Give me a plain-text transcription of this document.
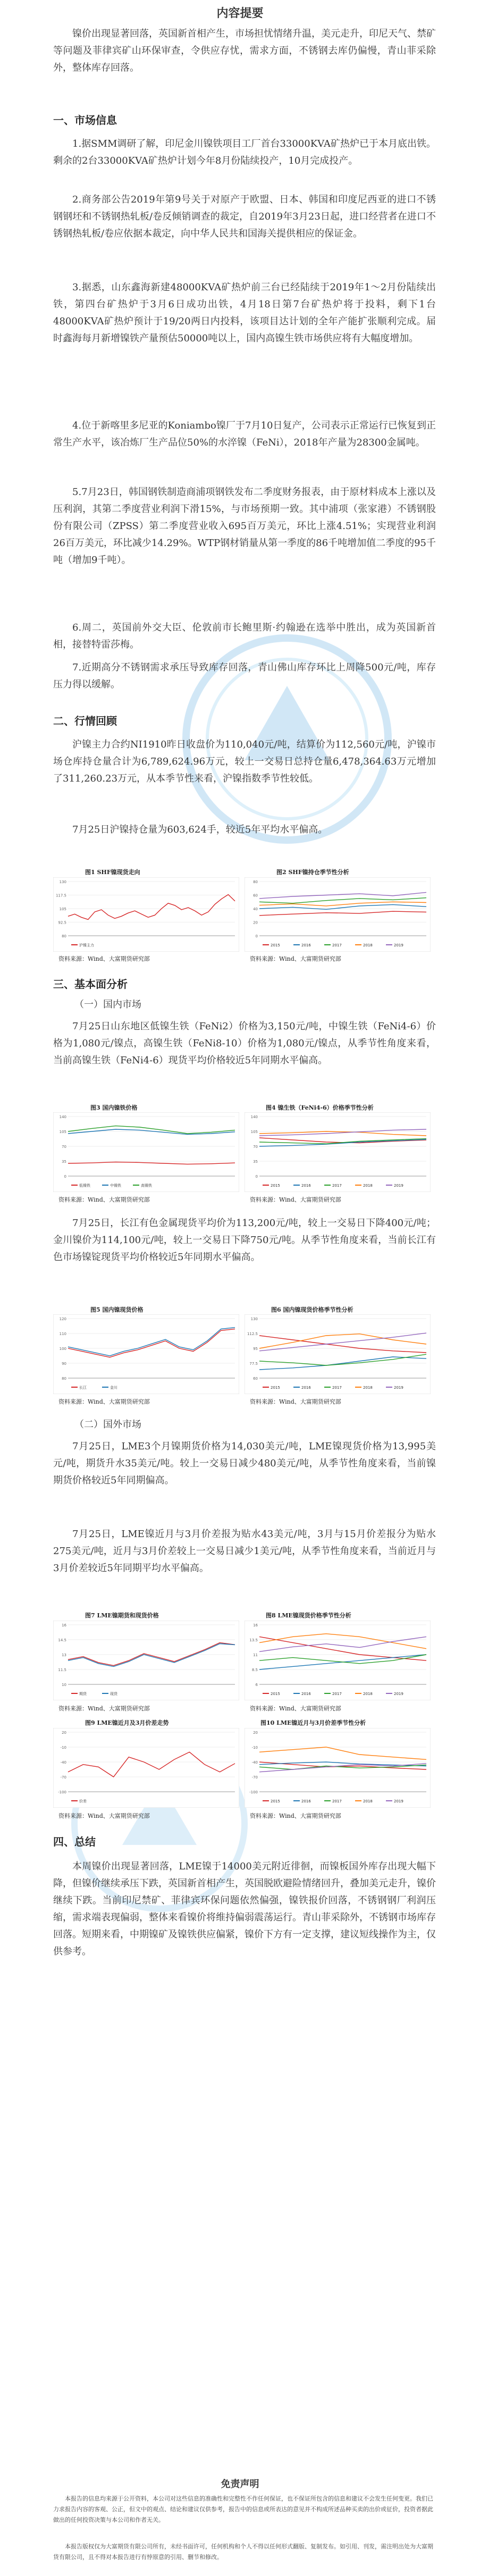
内容提要
镍价出现显著回落，英国新首相产生，市场担忧情绪升温，美元走升，印尼天气、禁矿等问题及菲律宾矿山环保审查，令供应存忧，需求方面，不锈钢去库仍偏慢，青山菲采除外，整体库存回落。
一、市场信息
1.据SMM调研了解，印尼金川镍铁项目工厂首台33000KVA矿热炉已于本月底出铁。剩余的2台33000KVA矿热炉计划今年8月份陆续投产，10月完成投产。
2.商务部公告2019年第9号关于对原产于欧盟、日本、韩国和印度尼西亚的进口不锈钢钢坯和不锈钢热轧板/卷反倾销调查的裁定，自2019年3月23日起，进口经营者在进口不锈钢热轧板/卷应依据本裁定，向中华人民共和国海关提供相应的保证金。
3.据悉，山东鑫海新建48000KVA矿热炉前三台已经陆续于2019年1～2月份陆续出铁，第四台矿热炉于3月6日成功出铁，4月18日第7台矿热炉将于投料，剩下1台48000KVA矿热炉预计于19/20两日内投料，该项目达计划的全年产能扩张顺利完成。届时鑫海每月新增镍铁产量预估50000吨以上，国内高镍生铁市场供应将有大幅度增加。
4.位于新喀里多尼亚的Koniambo镍厂于7月10日复产，公司表示正常运行已恢复到正常生产水平，该冶炼厂生产品位50%的水淬镍（FeNi），2018年产量为28300金属吨。
5.7月23日，韩国钢铁制造商浦项钢铁发布二季度财务报表，由于原材料成本上涨以及压利润，其第二季度营业利润下滑15%，与市场预期一致。其中浦项（张家港）不锈钢股份有限公司（ZPSS）第二季度营业收入695百万美元，环比上涨4.51%；实现营业利润26百万美元，环比减少14.29%。WTP钢材销量从第一季度的86千吨增加值二季度的95千吨（增加9千吨）。
6.周二，英国前外交大臣、伦敦前市长鲍里斯·约翰逊在选举中胜出，成为英国新首相，接替特雷莎梅。
7.近期高分不锈钢需求承压导致库存回落，青山佛山库存环比上周降500元/吨，库存压力得以缓解。
二、行情回顾
沪镍主力合约NI1910昨日收盘价为110,040元/吨，结算价为112,560元/吨，沪镍市场仓库持仓量合计为6,789,624.96万元，较上一交易日总持仓量6,478,364.63万元增加了311,260.23万元，从本季节性来看，沪镍指数季节性较低。
7月25日沪镍持仓量为603,624手，较近5年平均水平偏高。
图1 SHF镍现货走向	图2 SHF镍持仓季节性分析
130
117.5
105
92.5
80
沪镍主力
80
60
40
20
0
2015	2016	2017	2018	2019
资料来源：Wind、大富期货研究部	资料来源：Wind、大富期货研究部
三、基本面分析
（一）国内市场
7月25日山东地区低镍生铁（FeNi2）价格为3,150元/吨，中镍生铁（FeNi4-6）价格为1,080元/镍点，高镍生铁（FeNi8-10）价格为1,080元/镍点，从季节性角度来看，当前高镍生铁（FeNi4-6）现货平均价格较近5年同期水平偏高。
图3 国内镍铁价格	图4 镍生铁（FeNi4-6）价格季节性分析
140
105
70
35
0
低镍铁	中镍铁	高镍铁
140
105
70
35
0
2015	2016	2017	2018	2019
资料来源：Wind、大富期货研究部	资料来源：Wind、大富期货研究部
7月25日，长江有色金属现货平均价为113,200元/吨，较上一交易日下降400元/吨；金川镍价为114,100元/吨，较上一交易日下降750元/吨。从季节性角度来看，当前长江有色市场镍锭现货平均价格较近5年同期水平偏高。
图5 国内镍现货价格	图6 国内镍现货价格季节性分析
120
110
100
90
80
长江	金川
130
112.5
95
77.5
60
2015	2016	2017	2018	2019
资料来源：Wind、大富期货研究部	资料来源：Wind、大富期货研究部
（二）国外市场
7月25日，LME3个月镍期货价格为14,030美元/吨，LME镍现货价格为13,995美元/吨，期货升水35美元/吨。较上一交易日减少480美元/吨，从季节性角度来看，当前镍期货价格较近5年同期偏高。
7月25日，LME镍近月与3月价差报为贴水43美元/吨，3月与15月价差报分为贴水275美元/吨，近月与3月价差较上一交易日减少1美元/吨，从季节性角度来看，当前近月与3月价差较近5年同期平均水平偏高。
图7 LME镍期货和现货价格	图8 LME镍现货价格季节性分析
16
14.5
13
11.5
10
期货	现货
16
13.5
11
8.5
6
2015	2016	2017	2018	2019
资料来源：Wind、大富期货研究部	资料来源：Wind、大富期货研究部
图9 LME镍近月及3月价差走势	图10 LME镍近月与3月价差季节性分析
20
-10
-40
-70
-100
价差
20
-10
-40
-70
-100
2015	2016	2017	2018	2019
资料来源：Wind、大富期货研究部	资料来源：Wind、大富期货研究部
四、总结
本周镍价出现显著回落，LME镍于14000美元附近徘徊，而镍板国外库存出现大幅下降，但镍价继续承压下跌，英国新首相产生，英国脱欧避险情绪回升，叠加美元走升，镍价继续下跌。当前印尼禁矿、菲律宾环保问题依然偏强，镍铁报价回落，不锈钢钢厂利润压缩，需求端表现偏弱，整体来看镍价将维持偏弱震荡运行。青山菲采除外，不锈钢市场库存回落。短期来看，中期镍矿及镍铁供应偏紧，镍价下方有一定支撑，建议短线操作为主，仅供参考。
免责声明
本报告的信息均来源于公开资料，本公司对这些信息的准确性和完整性不作任何保证，也不保证所包含的信息和建议不会发生任何变更。我们已力求报告内容的客观、公正，但文中的观点、结论和建议仅供参考，报告中的信息或所表达的意见并不构成所述品种买卖的出价或征价，投资者据此做出的任何投资决策与本公司和作者无关。
本报告版权仅为大富期货有限公司所有，未经书面许可，任何机构和个人不得以任何形式翻版、复制发布。如引用、刊发，需注明出处为大富期货有限公司，且不得对本报告进行有悖原意的引用、删节和修改。
